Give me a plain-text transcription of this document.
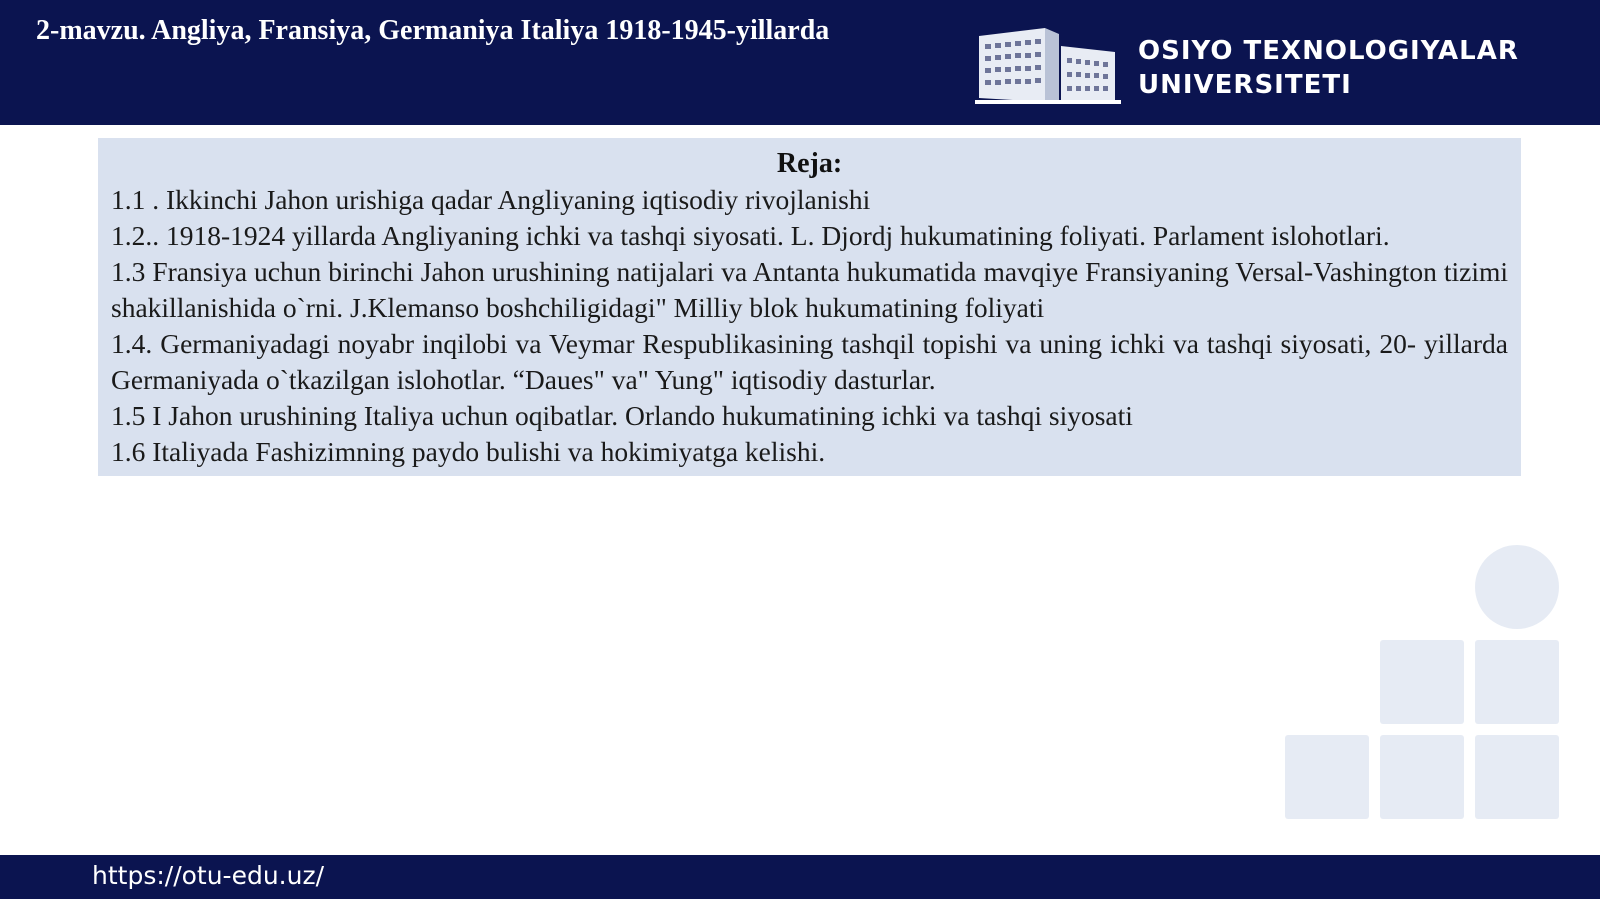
2-mavzu. Angliya, Fransiya, Germaniya Italiya 1918-1945-yillarda
OSIYO TEXNOLOGIYALAR
UNIVERSITETI
Reja:
1.1 . Ikkinchi Jahon urishiga qadar Angliyaning iqtisodiy rivojlanishi
1.2.. 1918-1924 yillarda Angliyaning ichki va tashqi siyosati. L. Djordj hukumatining foliyati. Parlament islohotlari.
1.3 Fransiya uchun birinchi Jahon urushining natijalari va Antanta hukumatida mavqiye Fransiyaning Versal-Vashington tizimi shakillanishida o`rni. J.Klemanso boshchiligidagi" Milliy blok hukumatining foliyati
1.4. Germaniyadagi noyabr inqilobi va Veymar Respublikasining tashqil topishi va uning ichki va tashqi siyosati, 20- yillarda Germaniyada o`tkazilgan islohotlar. “Daues" va" Yung" iqtisodiy dasturlar.
1.5 I Jahon urushining Italiya uchun oqibatlar. Orlando hukumatining ichki va tashqi siyosati
1.6 Italiyada Fashizimning paydo bulishi va hokimiyatga kelishi.
https://otu-edu.uz/
